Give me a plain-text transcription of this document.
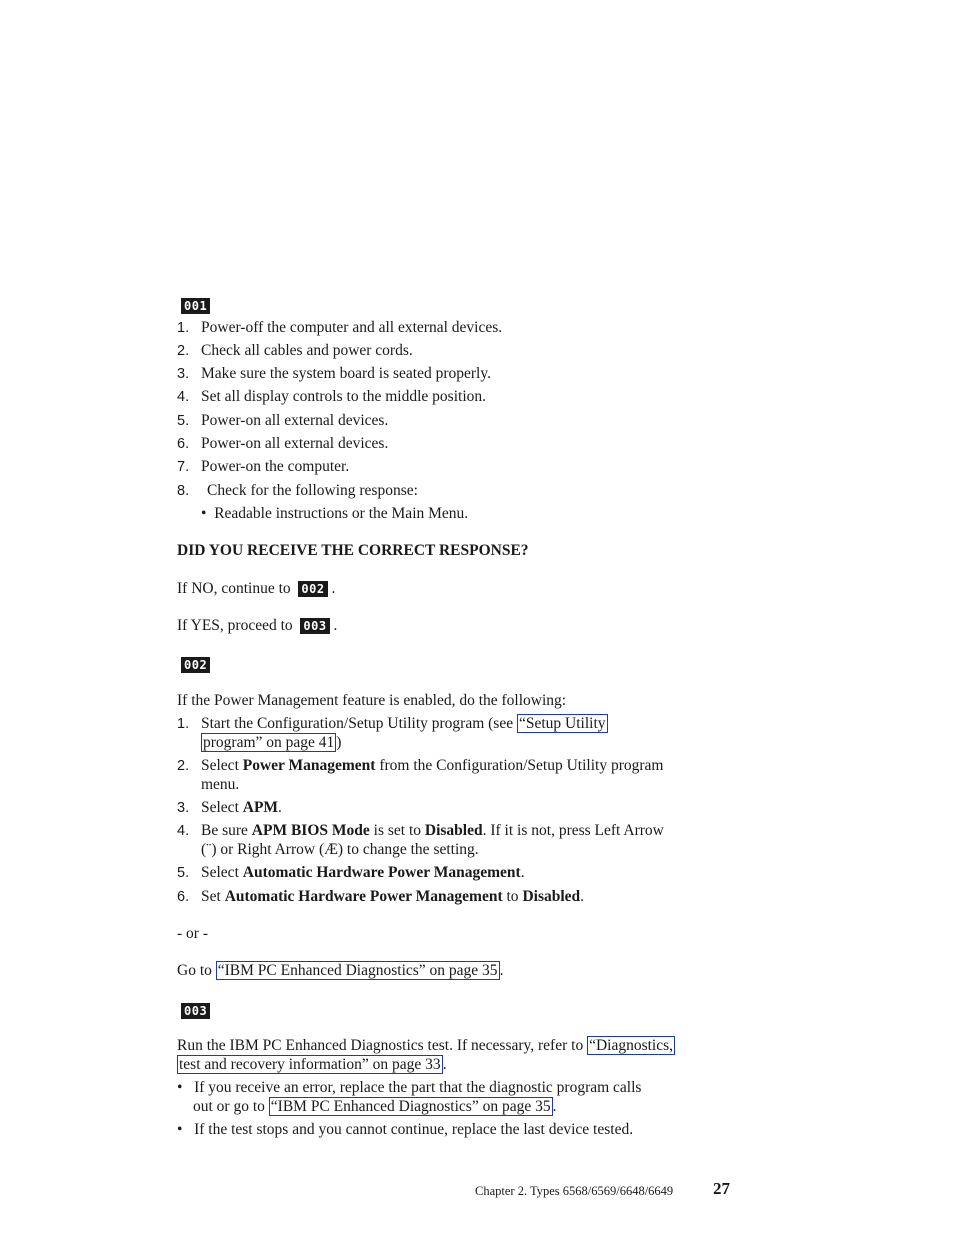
001
1. Power-off the computer and all external devices.
2. Check all cables and power cords.
3. Make sure the system board is seated properly.
4. Set all display controls to the middle position.
5. Power-on all external devices.
6. Power-on all external devices.
7. Power-on the computer.
8. Check for the following response:
•  Readable instructions or the Main Menu.
DID YOU RECEIVE THE CORRECT RESPONSE?
If NO, continue to 002 .
If YES, proceed to 003 .
002
If the Power Management feature is enabled, do the following:
1. Start the Configuration/Setup Utility program (see “Setup Utility
program” on page 41 )
2. Select Power Management from the Configuration/Setup Utility program
menu.
3. Select APM.
4. Be sure APM BIOS Mode is set to Disabled. If it is not, press Left Arrow
(¨) or Right Arrow (Æ) to change the setting.
5. Select Automatic Hardware Power Management.
6. Set Automatic Hardware Power Management to Disabled.
- or -
Go to “IBM PC Enhanced Diagnostics” on page 35 .
003
Run the IBM PC Enhanced Diagnostics test. If necessary, refer to “Diagnostics,
test and recovery information” on page 33 .
•   If you receive an error, replace the part that the diagnostic program calls
out or go to “IBM PC Enhanced Diagnostics” on page 35 .
•   If the test stops and you cannot continue, replace the last device tested.
Chapter 2. Types 6568/6569/6648/6649 27
